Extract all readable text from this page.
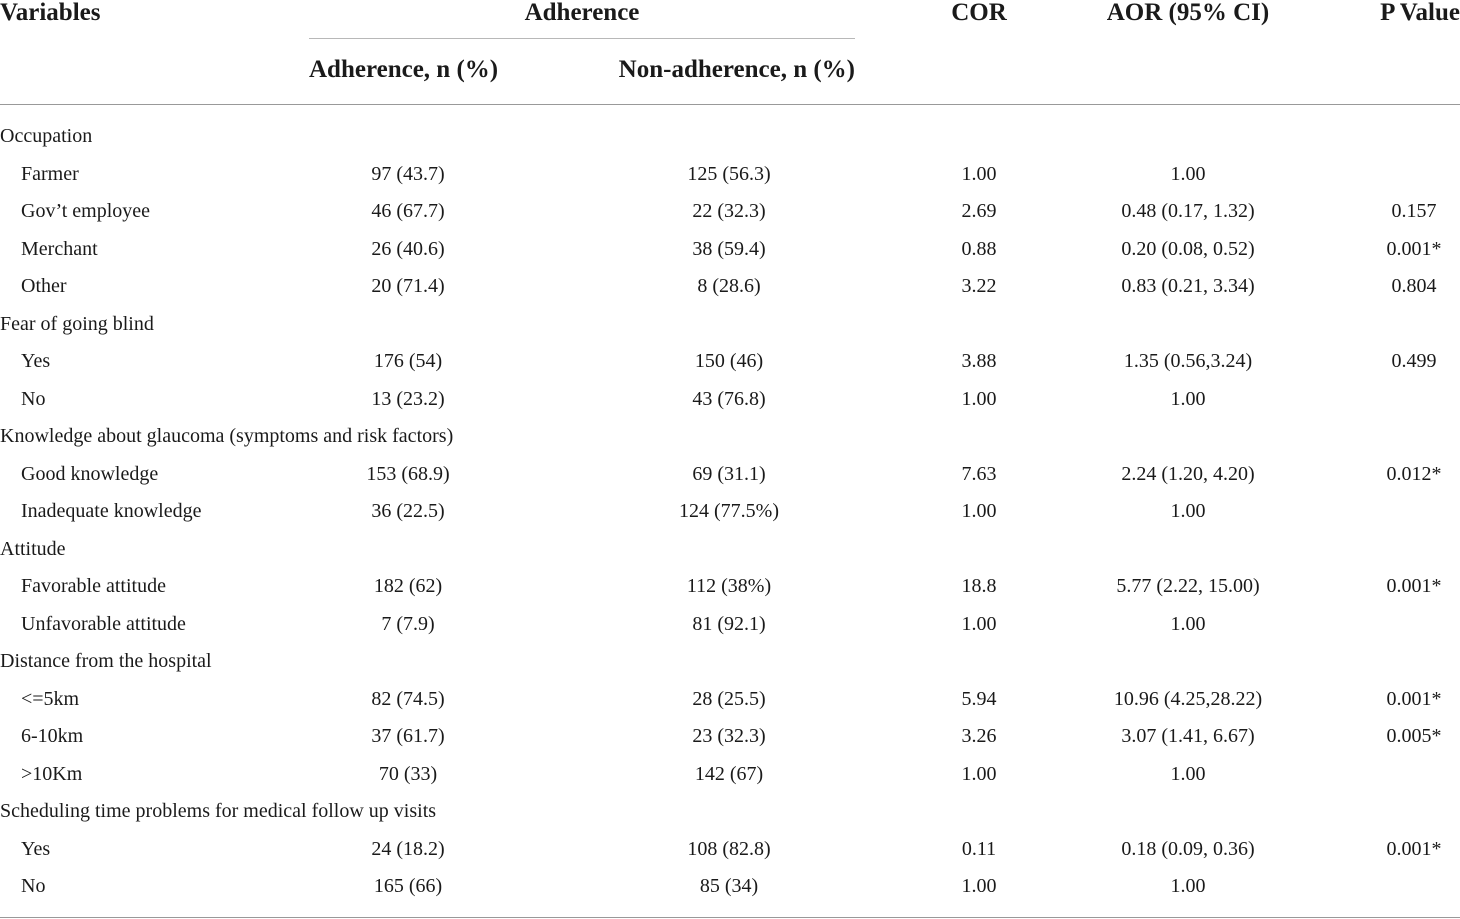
Variables	Adherence	COR	AOR (95% CI)	P Value
Adherence, n (%)	Non-adherence, n (%)
Occupation
Farmer	97 (43.7)	125 (56.3)	1.00	1.00
Gov’t employee	46 (67.7)	22 (32.3)	2.69	0.48 (0.17, 1.32)	0.157
Merchant	26 (40.6)	38 (59.4)	0.88	0.20 (0.08, 0.52)	0.001*
Other	20 (71.4)	8 (28.6)	3.22	0.83 (0.21, 3.34)	0.804
Fear of going blind
Yes	176 (54)	150 (46)	3.88	1.35 (0.56,3.24)	0.499
No	13 (23.2)	43 (76.8)	1.00	1.00
Knowledge about glaucoma (symptoms and risk factors)
Good knowledge	153 (68.9)	69 (31.1)	7.63	2.24 (1.20, 4.20)	0.012*
Inadequate knowledge	36 (22.5)	124 (77.5%)	1.00	1.00
Attitude
Favorable attitude	182 (62)	112 (38%)	18.8	5.77 (2.22, 15.00)	0.001*
Unfavorable attitude	7 (7.9)	81 (92.1)	1.00	1.00
Distance from the hospital
<=5km	82 (74.5)	28 (25.5)	5.94	10.96 (4.25,28.22)	0.001*
6-10km	37 (61.7)	23 (32.3)	3.26	3.07 (1.41, 6.67)	0.005*
>10Km	70 (33)	142 (67)	1.00	1.00
Scheduling time problems for medical follow up visits
Yes	24 (18.2)	108 (82.8)	0.11	0.18 (0.09, 0.36)	0.001*
No	165 (66)	85 (34)	1.00	1.00
